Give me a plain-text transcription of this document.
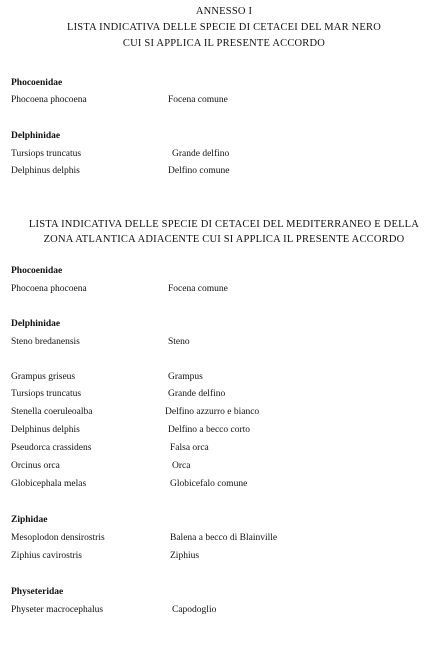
ANNESSO I
LISTA INDICATIVA DELLE SPECIE DI CETACEI DEL MAR NERO
CUI SI APPLICA IL PRESENTE ACCORDO
Phocoenidae
Phocoena phocoena	Focena comune
Delphinidae
Tursiops truncatus	Grande delfino
Delphinus delphis	Delfino comune
LISTA INDICATIVA DELLE SPECIE DI CETACEI DEL MEDITERRANEO E DELLA
ZONA ATLANTICA ADIACENTE CUI SI APPLICA IL PRESENTE ACCORDO
Phocoenidae
Phocoena phocoena	Focena comune
Delphinidae
Steno bredanensis	Steno
Grampus griseus	Grampus
Tursiops truncatus	Grande delfino
Stenella coeruleoalba	Delfino azzurro e bianco
Delphinus delphis	Delfino a becco corto
Pseudorca crassidens	Falsa orca
Orcinus orca	Orca
Globicephala melas	Globicefalo comune
Ziphidae
Mesoplodon densirostris	Balena a becco di Blainville
Ziphius cavirostris	Ziphius
Physeteridae
Physeter macrocephalus	Capodoglio
